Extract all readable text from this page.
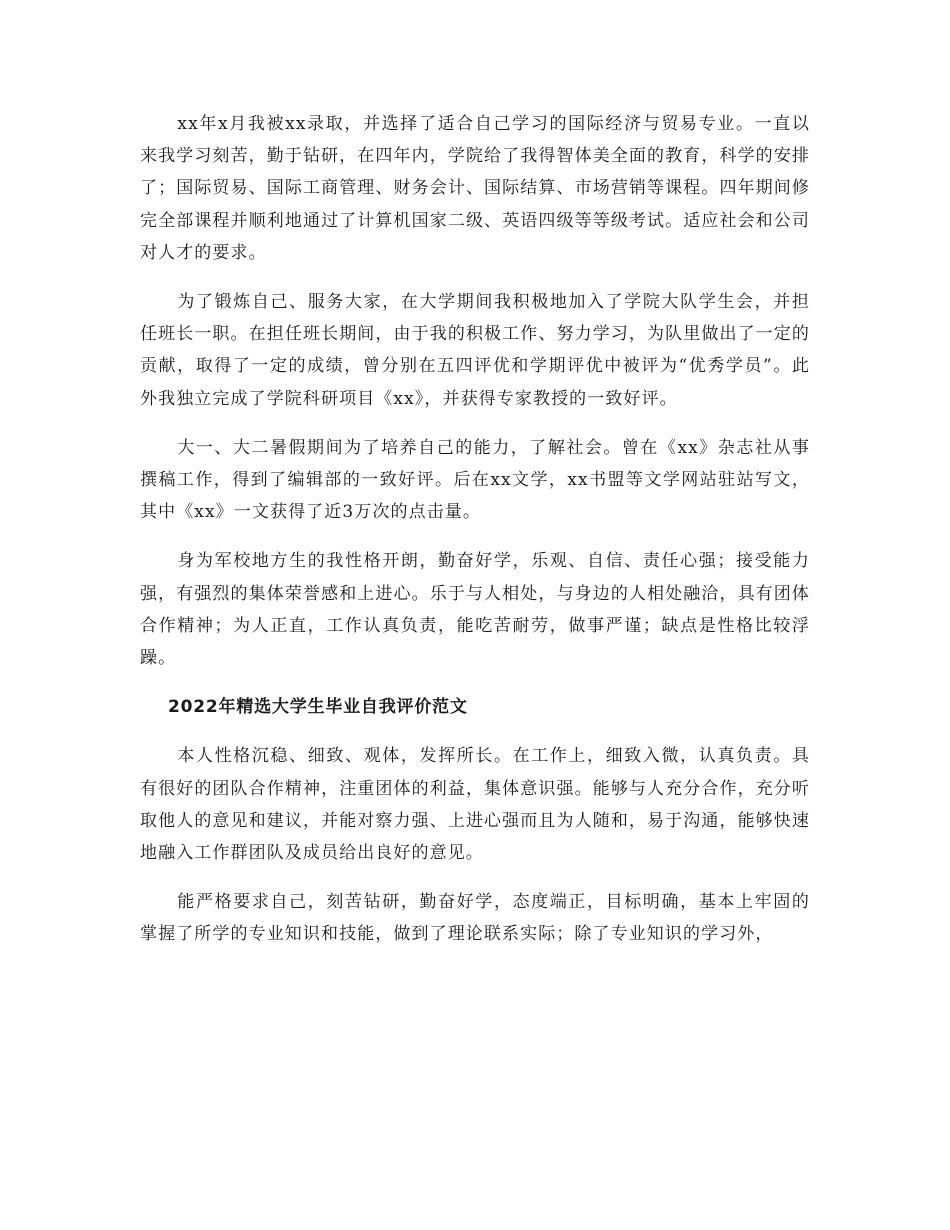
xx年x月我被xx录取，并选择了适合自己学习的国际经济与贸易专业。一直以来我学习刻苦，勤于钻研，在四年内，学院给了我得智体美全面的教育，科学的安排了；国际贸易、国际工商管理、财务会计、国际结算、市场营销等课程。四年期间修完全部课程并顺利地通过了计算机国家二级、英语四级等等级考试。适应社会和公司对人才的要求。

为了锻炼自己、服务大家，在大学期间我积极地加入了学院大队学生会，并担任班长一职。在担任班长期间，由于我的积极工作、努力学习，为队里做出了一定的贡献，取得了一定的成绩，曾分别在五四评优和学期评优中被评为“优秀学员”。此外我独立完成了学院科研项目《xx》，并获得专家教授的一致好评。

大一、大二暑假期间为了培养自己的能力，了解社会。曾在《xx》杂志社从事撰稿工作，得到了编辑部的一致好评。后在xx文学，xx书盟等文学网站驻站写文，其中《xx》一文获得了近3万次的点击量。

身为军校地方生的我性格开朗，勤奋好学，乐观、自信、责任心强；接受能力强，有强烈的集体荣誉感和上进心。乐于与人相处，与身边的人相处融洽，具有团体合作精神；为人正直，工作认真负责，能吃苦耐劳，做事严谨；缺点是性格比较浮躁。

2022年精选大学生毕业自我评价范文

本人性格沉稳、细致、观体，发挥所长。在工作上，细致入微，认真负责。具有很好的团队合作精神，注重团体的利益，集体意识强。能够与人充分合作，充分听取他人的意见和建议，并能对察力强、上进心强而且为人随和，易于沟通，能够快速地融入工作群团队及成员给出良好的意见。

能严格要求自己，刻苦钻研，勤奋好学，态度端正，目标明确，基本上牢固的掌握了所学的专业知识和技能，做到了理论联系实际；除了专业知识的学习外，
